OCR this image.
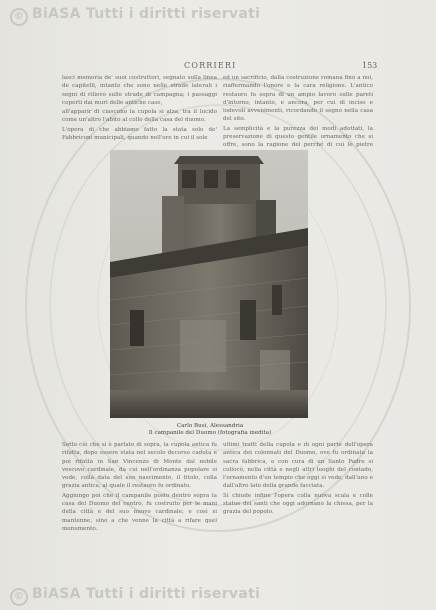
© BiASA Tutti i diritti riservati
CORRIERI	153

lasci memoria de' suoi costruttori, segnato sulla linea de capitelli, intanto che sono nelle strade laterali i segni di rilievo sulle strade di campagna; i passaggi coperti dai muri delle antiche case,

all'apparir di ciascuno la cupola si alza, tra il lucido come un'altro l'abito al collo della casa del duomo.

L'opera di che abbiamo fatto la stata solo de' Fabbriconi municipali, quando nell'ore in cui il sole

ed un sacrificio, dalla costruzione romana fino a noi, riaffermando l'onore e la cara religione. L'antico restauro fu sopra di un ampio lavoro sulle pareti d'intorno, intanto, e ancora, per cui di inciso e lodevoli avvenimenti, ricordando il segno nella casa del sito.

La semplicità e la purezza dei modi adottati, la preservazione di questo gentile ornamento che si offre, sono la ragione del perché di cui le pietre

Carlo Busi, Alessandria
Il campanile del Duomo (fotografia inedita)

Sotto ciò che si è parlato di sopra, la cupola antica fu rifatta, dopo essere stata nel secolo decorso caduta e poi rifatta in San Vincenzo di Monte dal nobile vescovo cardinale, da cui nell'ordinanza popolare si vede, colla data del suo nascimento, il titolo, colla grazia antica, al quale il restauro fu ordinato.

Aggiungo poi che il campanile posto dentro sopra la casa del Duomo del centro, fu costruito per le mani della città e del suo nuovo cardinale; e così si mantenne, sino a che venne la città a rifare quel monumento.

ultimi tratti della cupola e di ogni parte dell'opera antica dei colonnati del Duomo, ove fu ordinata la sacra fabbrica, e con cura di un Santo Padre si collocò, nella città e negli altri luoghi del contado, l'ornamento d'un tempio che oggi si vede, dall'uno e dall'altro lato della grande facciata.

Si chiude infine l'opera colla nuova scala e colle statue dei santi che oggi adornano la chiesa, per la grazia del popolo.

© BiASA Tutti i diritti riservati
